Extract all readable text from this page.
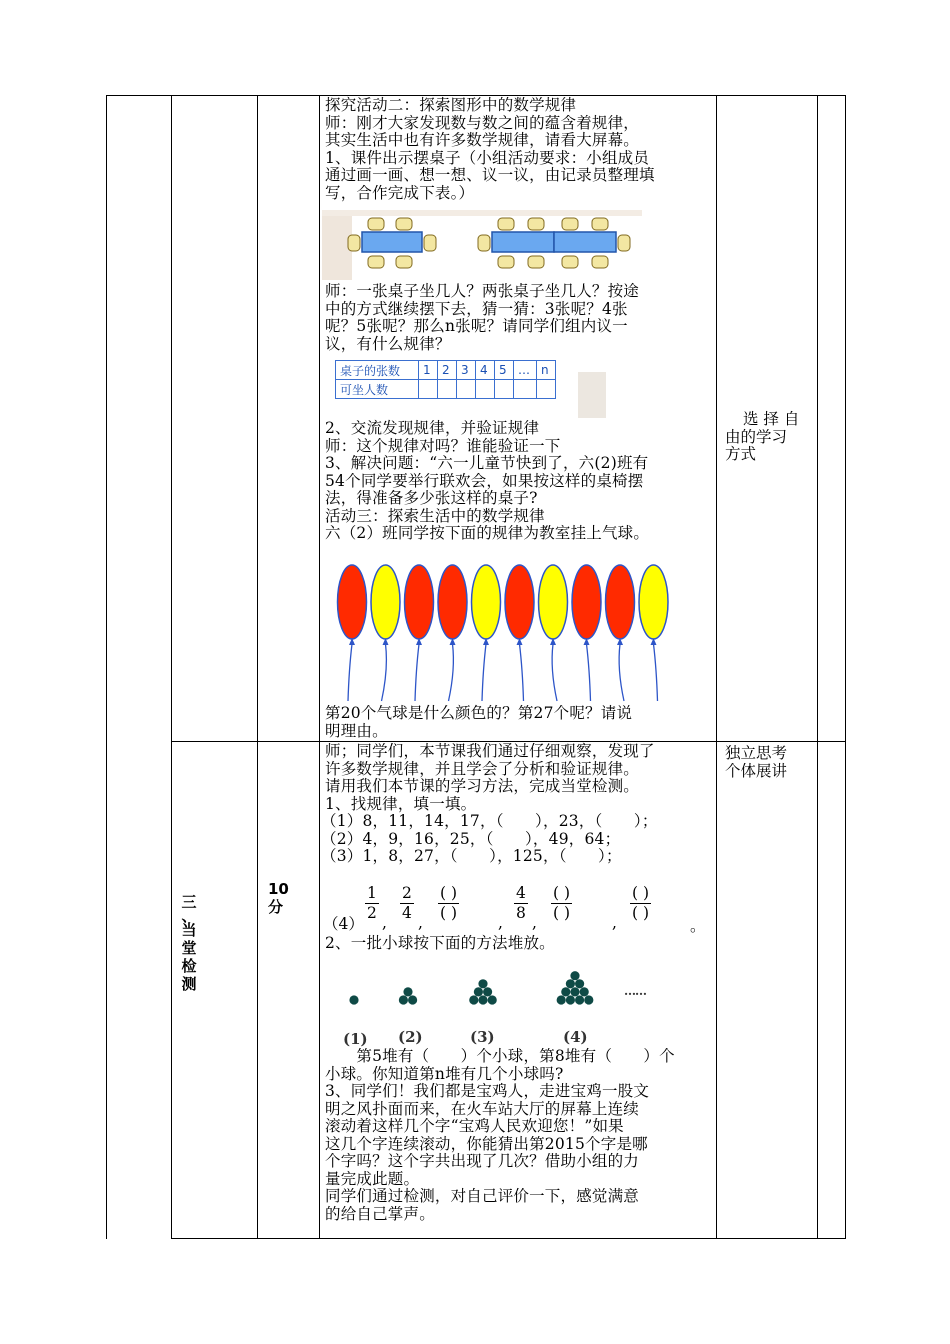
探究活动二：探索图形中的数学规律
师：刚才大家发现数与数之间的蕴含着规律，
其实生活中也有许多数学规律，请看大屏幕。
1、课件出示摆桌子（小组活动要求：小组成员
通过画一画、想一想、议一议，由记录员整理填
写，合作完成下表。）
师：一张桌子坐几人？两张桌子坐几人？按途
中的方式继续摆下去，猜一猜：3张呢？4张
呢？5张呢？那么n张呢？请同学们组内议一
议，有什么规律？
桌子的张数	1	2	3	4	5	…	n
可坐人数							
2、交流发现规律，并验证规律
师：这个规律对吗？谁能验证一下
3、解决问题：“六一儿童节快到了，六(2)班有
54个同学要举行联欢会，如果按这样的桌椅摆
法，得准备多少张这样的桌子?
活动三：探索生活中的数学规律
六（2）班同学按下面的规律为教室挂上气球。
第20个气球是什么颜色的？第27个呢？请说
明理由。
选 择 自
由的学习
方式
三
、
当
堂
检
测
10
分
师；同学们，本节课我们通过仔细观察，发现了
许多数学规律，并且学会了分析和验证规律。
请用我们本节课的学习方法，完成当堂检测。
1、找规律，填一填。
（1）8，11，14，17，（　　），23，（　　）；
（2）4，9，16，25，（　　），49，64；
（3）1，8，27，（　　），125，（　　）；
（4）
$\frac{1}{2}$ , $\frac{2}{4}$ ,
( )
( )
, $\frac{4}{8}$ ,
( )
( )
,
( )
( )
。
2、一批小球按下面的方法堆放。
……
(1) (2)	(3)	(4)
　　第5堆有（　　）个小球，第8堆有（　　）个
小球。你知道第n堆有几个小球吗?
3、同学们！我们都是宝鸡人，走进宝鸡一股文
明之风扑面而来，在火车站大厅的屏幕上连续
滚动着这样几个字“宝鸡人民欢迎您！”如果
这几个字连续滚动，你能猜出第2015个字是哪
个字吗？这个字共出现了几次？借助小组的力
量完成此题。
同学们通过检测，对自己评价一下，感觉满意
的给自己掌声。
独立思考
个体展讲
